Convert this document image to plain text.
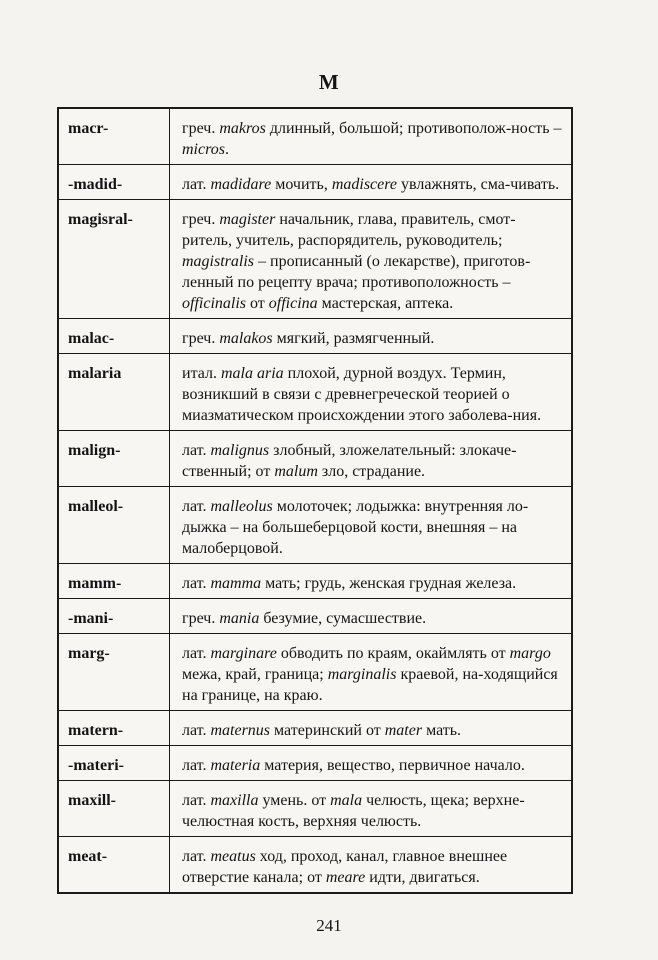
М
macr-	греч. makros длинный, большой; противополож-ность – micros.
-madid-	лат. madidare мочить, madiscere увлажнять, сма-чивать.
magisral-	греч. magister начальник, глава, правитель, смот-ритель, учитель, распорядитель, руководитель; magistralis – прописанный (о лекарстве), приготов-ленный по рецепту врача; противоположность – officinalis от officina мастерская, аптека.
malac-	греч. malakos мягкий, размягченный.
malaria	итал. mala aria плохой, дурной воздух. Термин, возникший в связи с древнегреческой теорией о миазматическом происхождении этого заболева-ния.
malign-	лат. malignus злобный, зложелательный: злокаче-ственный; от malum зло, страдание.
malleol-	лат. malleolus молоточек; лодыжка: внутренняя ло-дыжка – на большеберцовой кости, внешняя – на малоберцовой.
mamm-	лат. mamma мать; грудь, женская грудная железа.
-mani-	греч. mania безумие, сумасшествие.
marg-	лат. marginare обводить по краям, окаймлять от margo межа, край, граница; marginalis краевой, на-ходящийся на границе, на краю.
matern-	лат. maternus материнский от mater мать.
-materi-	лат. materia материя, вещество, первичное начало.
maxill-	лат. maxilla умень. от mala челюсть, щека; верхне-челюстная кость, верхняя челюсть.
meat-	лат. meatus ход, проход, канал, главное внешнее отверстие канала; от meare идти, двигаться.
241
